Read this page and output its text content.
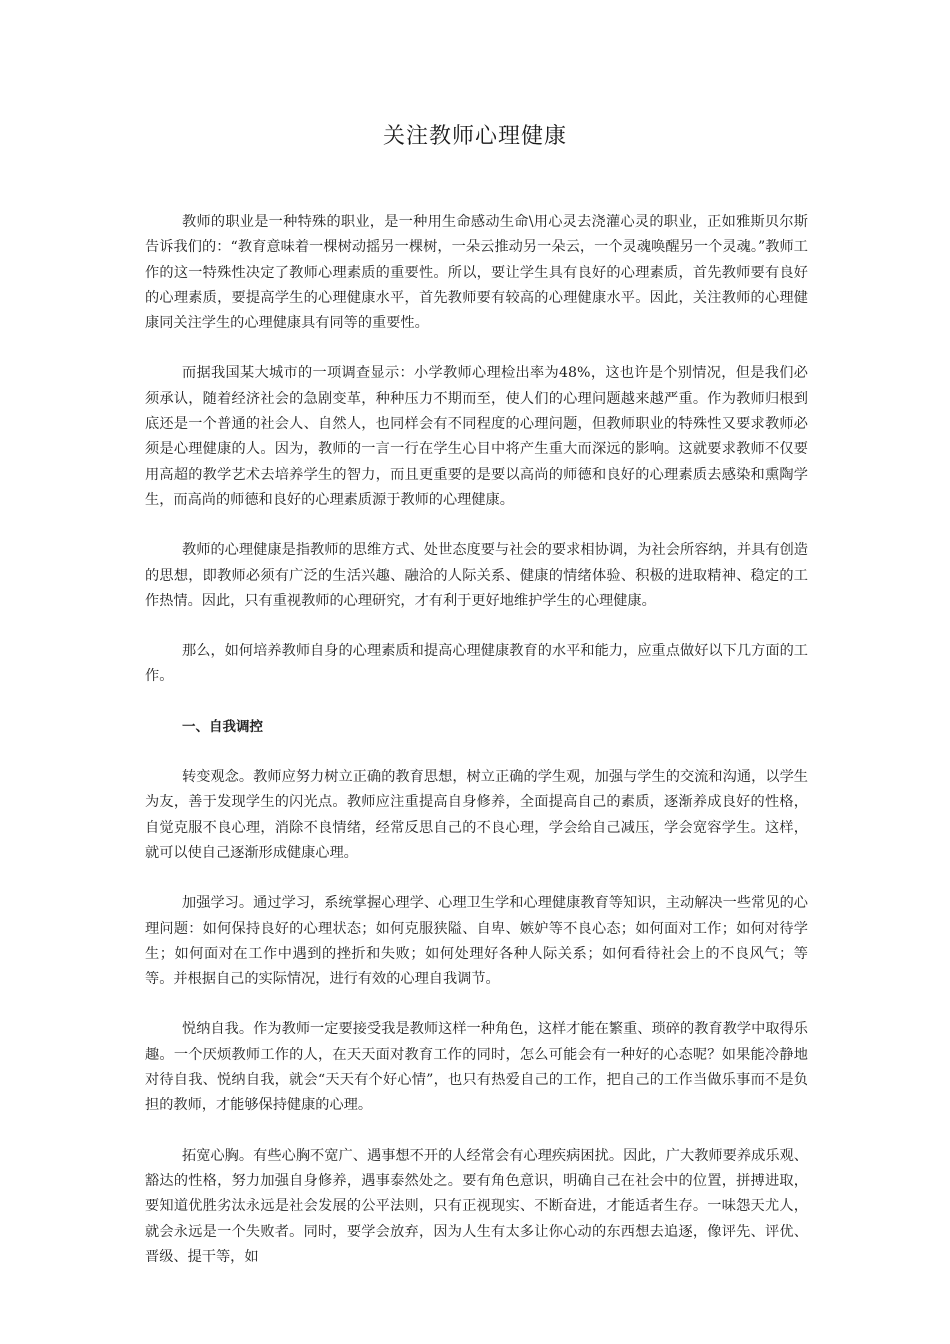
关注教师心理健康

教师的职业是一种特殊的职业，是一种用生命感动生命\用心灵去浇灌心灵的职业，正如雅斯贝尔斯告诉我们的：“教育意味着一棵树动摇另一棵树，一朵云推动另一朵云，一个灵魂唤醒另一个灵魂。”教师工作的这一特殊性决定了教师心理素质的重要性。所以，要让学生具有良好的心理素质，首先教师要有良好的心理素质，要提高学生的心理健康水平，首先教师要有较高的心理健康水平。因此，关注教师的心理健康同关注学生的心理健康具有同等的重要性。

而据我国某大城市的一项调查显示：小学教师心理检出率为48%，这也许是个别情况，但是我们必须承认，随着经济社会的急剧变革，种种压力不期而至，使人们的心理问题越来越严重。作为教师归根到底还是一个普通的社会人、自然人，也同样会有不同程度的心理问题，但教师职业的特殊性又要求教师必须是心理健康的人。因为，教师的一言一行在学生心目中将产生重大而深远的影响。这就要求教师不仅要用高超的教学艺术去培养学生的智力，而且更重要的是要以高尚的师德和良好的心理素质去感染和熏陶学生，而高尚的师德和良好的心理素质源于教师的心理健康。

教师的心理健康是指教师的思维方式、处世态度要与社会的要求相协调，为社会所容纳，并具有创造的思想，即教师必须有广泛的生活兴趣、融洽的人际关系、健康的情绪体验、积极的进取精神、稳定的工作热情。因此，只有重视教师的心理研究，才有利于更好地维护学生的心理健康。

那么，如何培养教师自身的心理素质和提高心理健康教育的水平和能力，应重点做好以下几方面的工作。

一、自我调控

转变观念。教师应努力树立正确的教育思想，树立正确的学生观，加强与学生的交流和沟通，以学生为友，善于发现学生的闪光点。教师应注重提高自身修养，全面提高自己的素质，逐渐养成良好的性格，自觉克服不良心理，消除不良情绪，经常反思自己的不良心理，学会给自己减压，学会宽容学生。这样，就可以使自己逐渐形成健康心理。

加强学习。通过学习，系统掌握心理学、心理卫生学和心理健康教育等知识，主动解决一些常见的心理问题：如何保持良好的心理状态；如何克服狭隘、自卑、嫉妒等不良心态；如何面对工作；如何对待学生；如何面对在工作中遇到的挫折和失败；如何处理好各种人际关系；如何看待社会上的不良风气；等等。并根据自己的实际情况，进行有效的心理自我调节。

悦纳自我。作为教师一定要接受我是教师这样一种角色，这样才能在繁重、琐碎的教育教学中取得乐趣。一个厌烦教师工作的人，在天天面对教育工作的同时，怎么可能会有一种好的心态呢？如果能冷静地对待自我、悦纳自我，就会“天天有个好心情”，也只有热爱自己的工作，把自己的工作当做乐事而不是负担的教师，才能够保持健康的心理。

拓宽心胸。有些心胸不宽广、遇事想不开的人经常会有心理疾病困扰。因此，广大教师要养成乐观、豁达的性格，努力加强自身修养，遇事泰然处之。要有角色意识，明确自己在社会中的位置，拼搏进取，要知道优胜劣汰永远是社会发展的公平法则，只有正视现实、不断奋进，才能适者生存。一味怨天尤人，就会永远是一个失败者。同时，要学会放弃，因为人生有太多让你心动的东西想去追逐，像评先、评优、晋级、提干等，如
